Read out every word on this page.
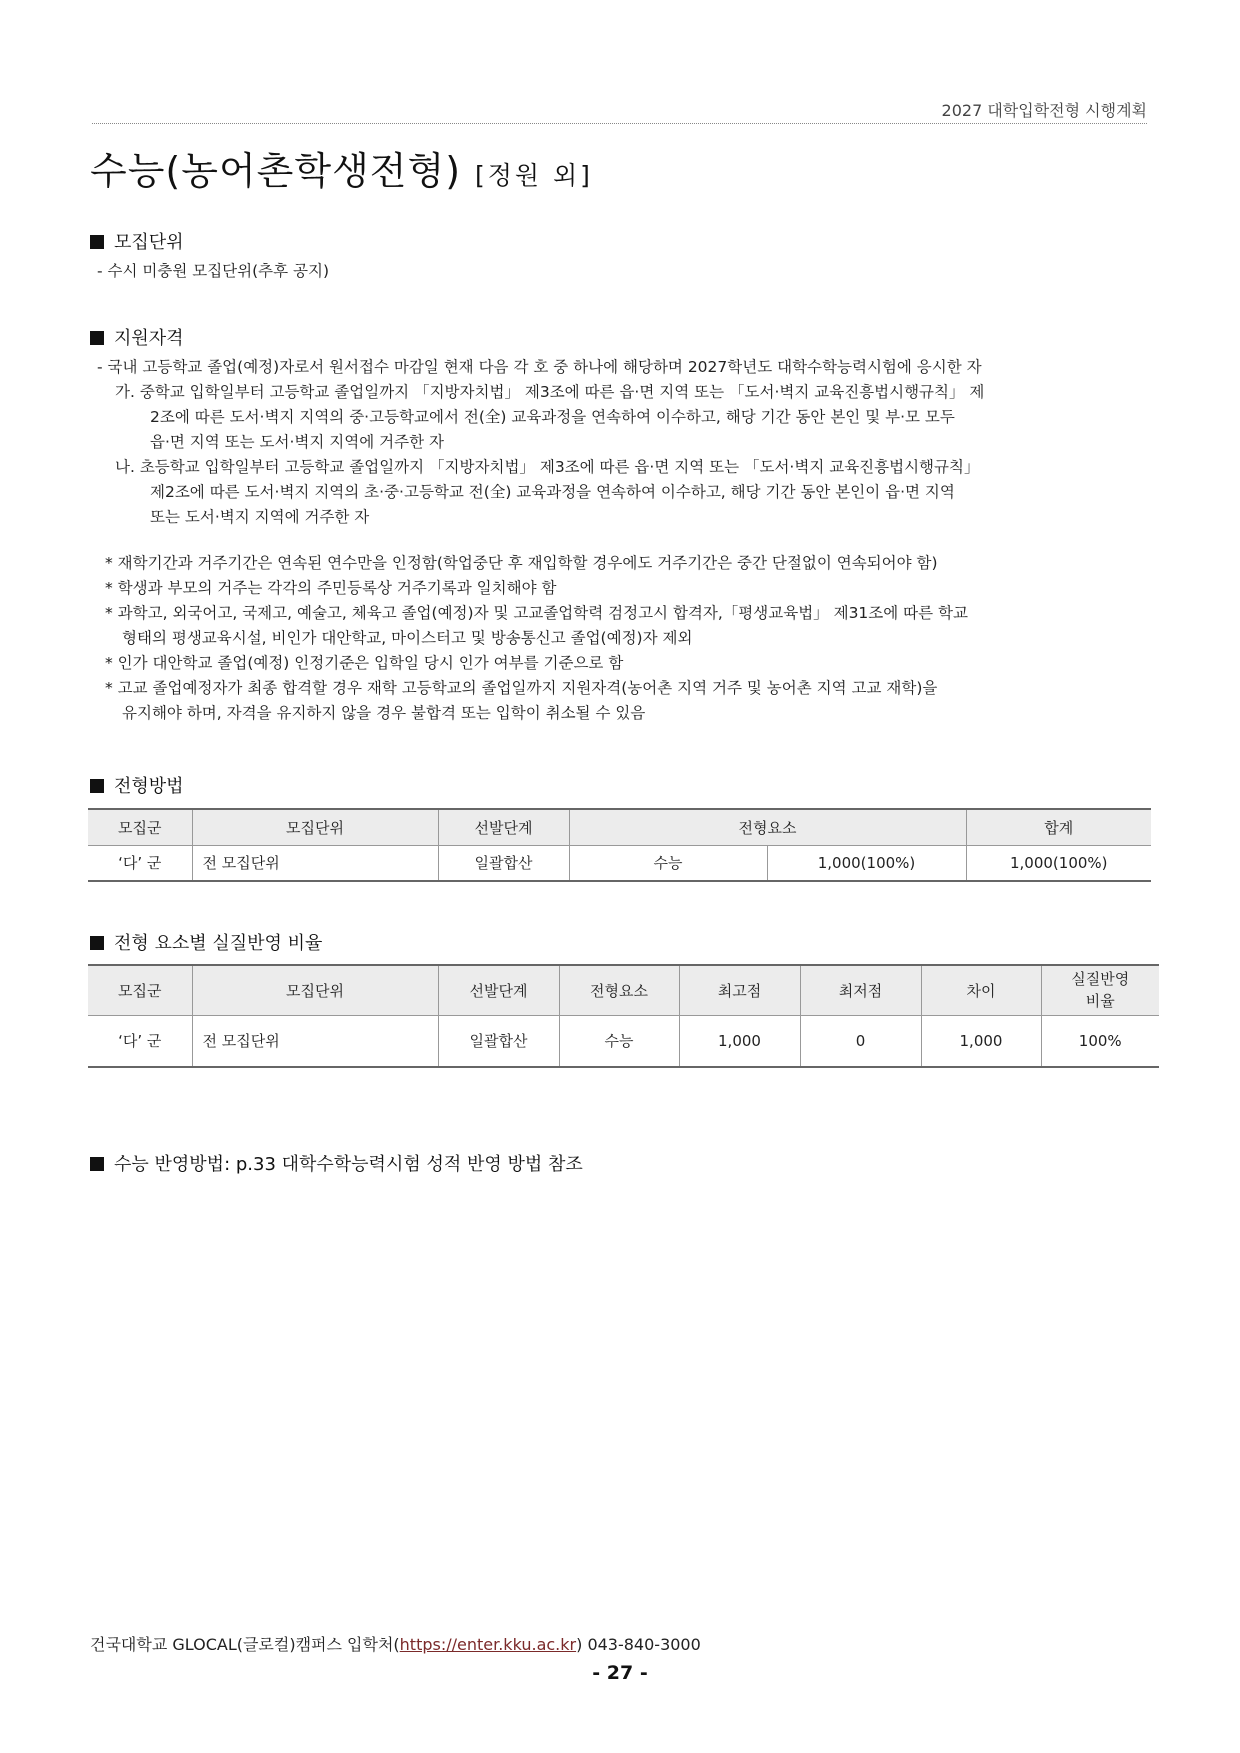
2027 대학입학전형 시행계획
수능(농어촌학생전형) [정원 외]
모집단위
- 수시 미충원 모집단위(추후 공지)
지원자격
- 국내 고등학교 졸업(예정)자로서 원서접수 마감일 현재 다음 각 호 중 하나에 해당하며 2027학년도 대학수학능력시험에 응시한 자
가. 중학교 입학일부터 고등학교 졸업일까지 「지방자치법」 제3조에 따른 읍·면 지역 또는 「도서·벽지 교육진흥법시행규칙」 제
2조에 따른 도서·벽지 지역의 중·고등학교에서 전(全) 교육과정을 연속하여 이수하고, 해당 기간 동안 본인 및 부·모 모두
읍·면 지역 또는 도서·벽지 지역에 거주한 자
나. 초등학교 입학일부터 고등학교 졸업일까지 「지방자치법」 제3조에 따른 읍·면 지역 또는 「도서·벽지 교육진흥법시행규칙」
제2조에 따른 도서·벽지 지역의 초·중·고등학교 전(全) 교육과정을 연속하여 이수하고, 해당 기간 동안 본인이 읍·면 지역
또는 도서·벽지 지역에 거주한 자
* 재학기간과 거주기간은 연속된 연수만을 인정함(학업중단 후 재입학할 경우에도 거주기간은 중간 단절없이 연속되어야 함)
* 학생과 부모의 거주는 각각의 주민등록상 거주기록과 일치해야 함
* 과학고, 외국어고, 국제고, 예술고, 체육고 졸업(예정)자 및 고교졸업학력 검정고시 합격자,「평생교육법」 제31조에 따른 학교
형태의 평생교육시설, 비인가 대안학교, 마이스터고 및 방송통신고 졸업(예정)자 제외
* 인가 대안학교 졸업(예정) 인정기준은 입학일 당시 인가 여부를 기준으로 함
* 고교 졸업예정자가 최종 합격할 경우 재학 고등학교의 졸업일까지 지원자격(농어촌 지역 거주 및 농어촌 지역 고교 재학)을
유지해야 하며, 자격을 유지하지 않을 경우 불합격 또는 입학이 취소될 수 있음
전형방법
모집군	모집단위	선발단계	전형요소		합계
‘다’ 군	전 모집단위	일괄합산	수능	1,000(100%)	1,000(100%)
전형 요소별 실질반영 비율
모집군	모집단위	선발단계	전형요소	최고점	최저점	차이	실질반영
비율
‘다’ 군	전 모집단위	일괄합산	수능	1,000	0	1,000	100%
수능 반영방법: p.33 대학수학능력시험 성적 반영 방법 참조
건국대학교 GLOCAL(글로컬)캠퍼스 입학처(https://enter.kku.ac.kr) 043-840-3000
- 27 -
